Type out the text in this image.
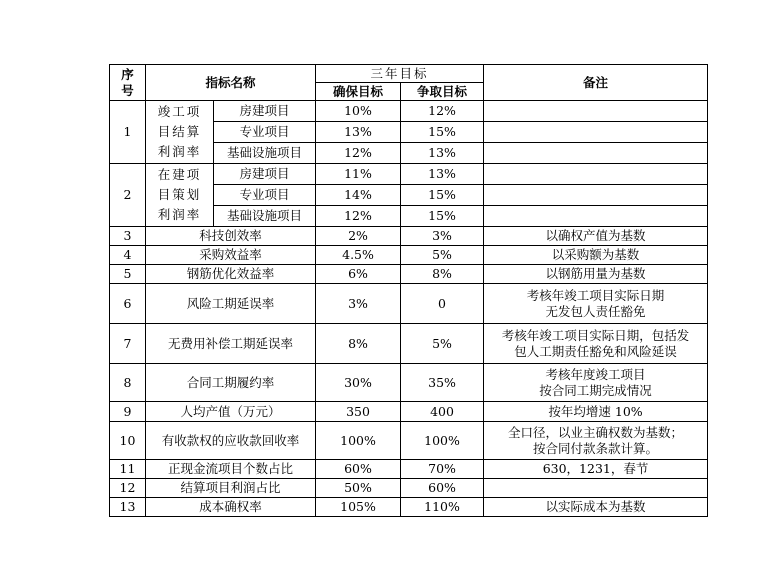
序号	指标名称		三年目标		备注
			确保目标	争取目标	
1	竣工项目结算利润率	房建项目	10%	12%	
		专业项目	13%	15%	
		基础设施项目	12%	13%	
2	在建项目策划利润率	房建项目	11%	13%	
		专业项目	14%	15%	
		基础设施项目	12%	15%	
3	科技创效率		2%	3%	以确权产值为基数
4	采购效益率		4.5%	5%	以采购额为基数
5	钢筋优化效益率		6%	8%	以钢筋用量为基数
6	风险工期延误率		3%	0	考核年竣工项目实际日期
无发包人责任豁免

7	无费用补偿工期延误率		8%	5%	考核年竣工项目实际日期，包括发
包人工期责任豁免和风险延误

8	合同工期履约率		30%	35%	考核年度竣工项目
按合同工期完成情况

9	人均产值（万元）		350	400	按年均增速 10%
10	有收款权的应收款回收率		100%	100%	全口径，以业主确权数为基数；
按合同付款条款计算。

11	正现金流项目个数占比		60%	70%	630，1231，春节
12	结算项目利润占比		50%	60%	
13	成本确权率		105%	110%	以实际成本为基数
